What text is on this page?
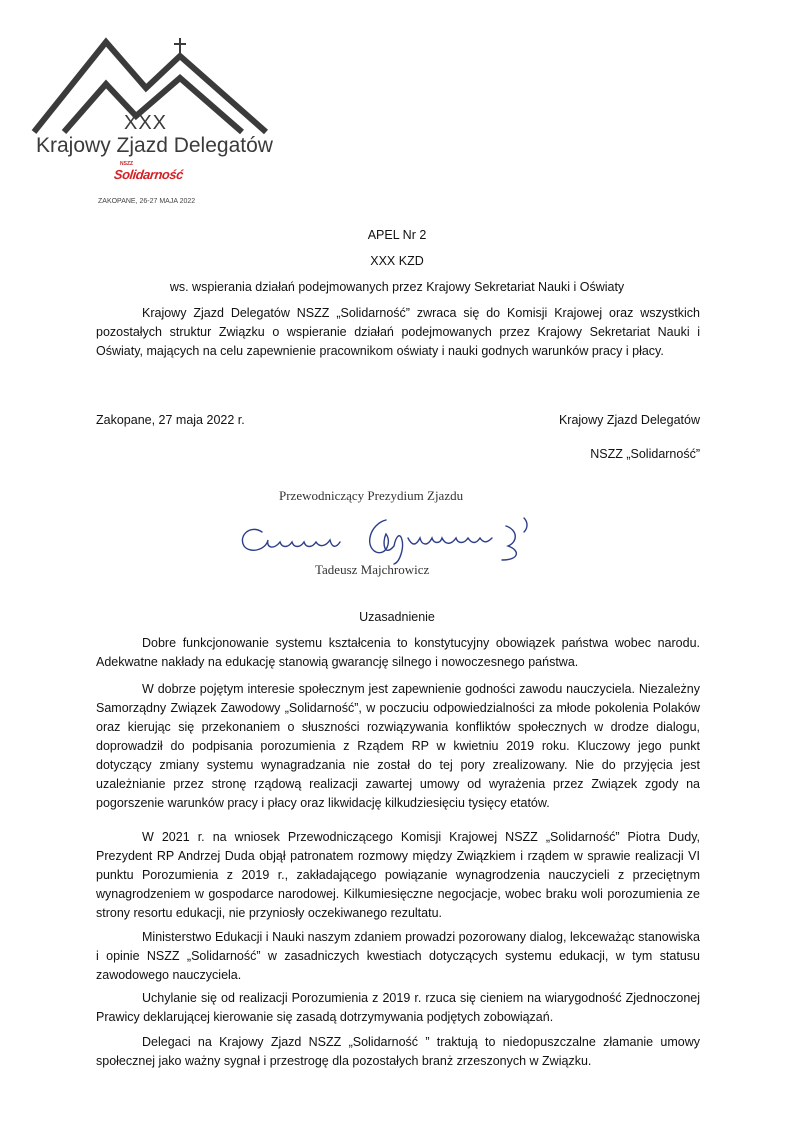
XXX
Krajowy Zjazd Delegatów
NSZZ
Solidarność
ZAKOPANE, 26-27 MAJA 2022
APEL Nr 2
XXX KZD
ws. wspierania działań podejmowanych przez Krajowy Sekretariat Nauki i Oświaty

Krajowy Zjazd Delegatów NSZZ „Solidarność” zwraca się do Komisji Krajowej oraz wszystkich pozostałych struktur Związku o wspieranie działań podejmowanych przez Krajowy Sekretariat Nauki i Oświaty, mających na celu zapewnienie pracownikom oświaty i nauki godnych warunków pracy i płacy.

Zakopane, 27 maja 2022 r.	Krajowy Zjazd Delegatów
NSZZ „Solidarność”
Przewodniczący Prezydium Zjazdu
Tadeusz Majchrowicz
Uzasadnienie

Dobre funkcjonowanie systemu kształcenia to konstytucyjny obowiązek państwa wobec narodu. Adekwatne nakłady na edukację stanowią gwarancję silnego i nowoczesnego państwa.

W dobrze pojętym interesie społecznym jest zapewnienie godności zawodu nauczyciela. Niezależny Samorządny Związek Zawodowy „Solidarność”, w poczuciu odpowiedzialności za młode pokolenia Polaków oraz kierując się przekonaniem o słuszności rozwiązywania konfliktów społecznych w drodze dialogu, doprowadził do podpisania porozumienia z Rządem RP w kwietniu 2019 roku. Kluczowy jego punkt dotyczący zmiany systemu wynagradzania nie został do tej pory zrealizowany. Nie do przyjęcia jest uzależnianie przez stronę rządową realizacji zawartej umowy od wyrażenia przez Związek zgody na pogorszenie warunków pracy i płacy oraz likwidację kilkudziesięciu tysięcy etatów.

W 2021 r. na wniosek Przewodniczącego Komisji Krajowej NSZZ „Solidarność” Piotra Dudy, Prezydent RP Andrzej Duda objął patronatem rozmowy między Związkiem i rządem w sprawie realizacji VI punktu Porozumienia z 2019 r., zakładającego powiązanie wynagrodzenia nauczycieli z przeciętnym wynagrodzeniem w gospodarce narodowej. Kilkumiesięczne negocjacje, wobec braku woli porozumienia ze strony resortu edukacji, nie przyniosły oczekiwanego rezultatu.

Ministerstwo Edukacji i Nauki naszym zdaniem prowadzi pozorowany dialog, lekceważąc stanowiska i opinie NSZZ „Solidarność” w zasadniczych kwestiach dotyczących systemu edukacji, w tym statusu zawodowego nauczyciela.

Uchylanie się od realizacji Porozumienia z 2019 r. rzuca się cieniem na wiarygodność Zjednoczonej Prawicy deklarującej kierowanie się zasadą dotrzymywania podjętych zobowiązań.

Delegaci na Krajowy Zjazd NSZZ „Solidarność ” traktują to niedopuszczalne złamanie umowy społecznej jako ważny sygnał i przestrogę dla pozostałych branż zrzeszonych w Związku.
